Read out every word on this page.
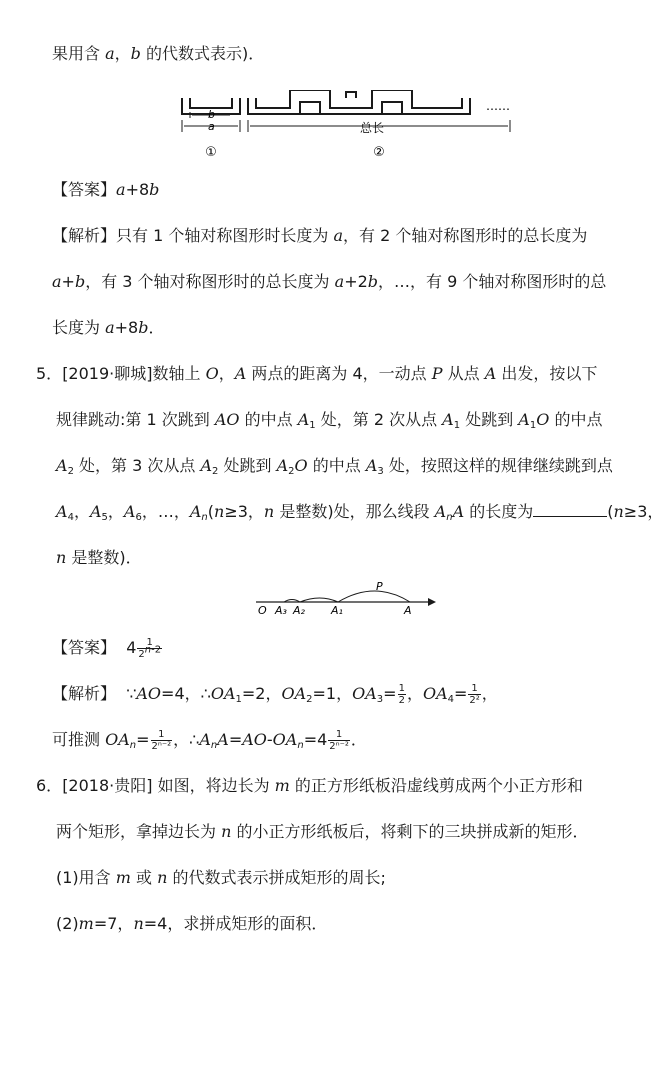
果用含 a，b 的代数式表示)．
b
a	总长
①	②
……
【答案】a+8b
【解析】只有 1 个轴对称图形时长度为 a，有 2 个轴对称图形时的总长度为
a+b，有 3 个轴对称图形时的总长度为 a+2b，…，有 9 个轴对称图形时的总
长度为 a+8b．
5．[2019·聊城]数轴上 O，A 两点的距离为 4，一动点 P 从点 A 出发，按以下
规律跳动:第 1 次跳到 AO 的中点 $A_1$ 处，第 2 次从点 $A_1$ 处跳到 $A_1O$ 的中点
$A_2$ 处，第 3 次从点 $A_2$ 处跳到 $A_2O$ 的中点 $A_3$ 处，按照这样的规律继续跳到点
$A_4$，$A_5$，$A_6$，…，$A_n(n\ge 3$，n 是整数)处，那么线段 $A_nA$ 的长度为	(n≥3，
n 是整数)．
O A₃ A₂ A₁	A
P
【答案】 $4 \frac{1}{2^{n-2}}$
【解析】  ∵AO=4，$\therefore OA_1=2$，$OA_2=1$，$OA_3= \frac{1}{2}$ ，$OA_4= \frac{1}{\text{2²}}$ ，
可推测 $OA_n= \frac{1}{\text{2ⁿ⁻²}}$ ，$\therefore A_nA=AO-OA_n=4 \frac{1}{\text{2ⁿ⁻²}}$ ．
6．[2018·贵阳] 如图，将边长为 m 的正方形纸板沿虚线剪成两个小正方形和
两个矩形，拿掉边长为 n 的小正方形纸板后，将剩下的三块拼成新的矩形．
(1)用含 m 或 n 的代数式表示拼成矩形的周长;
(2)m=7，n=4，求拼成矩形的面积．
